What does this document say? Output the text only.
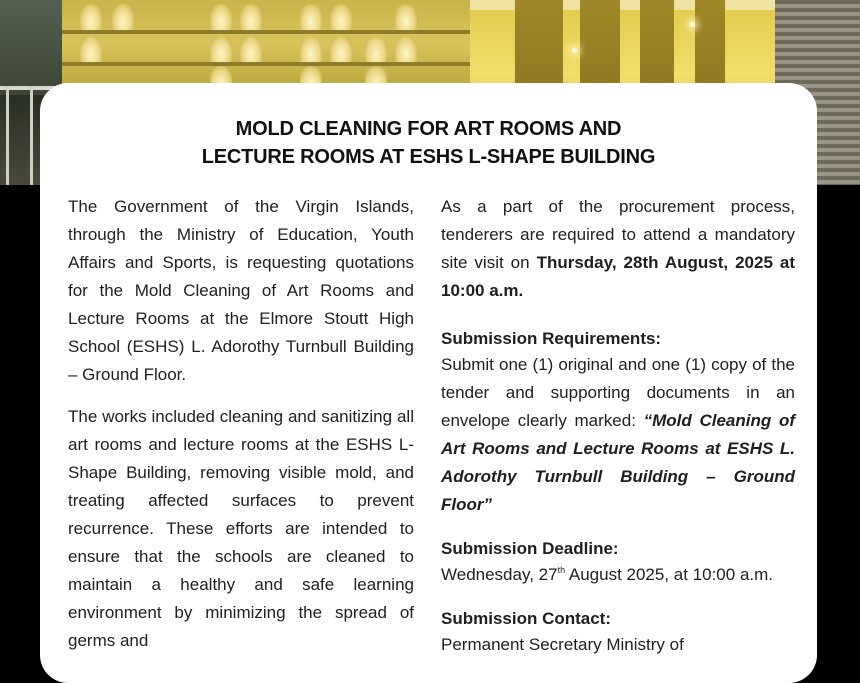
MOLD CLEANING FOR ART ROOMS AND
LECTURE ROOMS AT ESHS L-SHAPE BUILDING

The Government of the Virgin Islands, through the Ministry of Education, Youth Affairs and Sports, is requesting quotations for the Mold Cleaning of Art Rooms and Lecture Rooms at the Elmore Stoutt High School (ESHS) L. Adorothy Turnbull Building – Ground Floor.

The works included cleaning and sanitizing all art rooms and lecture rooms at the ESHS L-Shape Building, removing visible mold, and treating affected surfaces to prevent recurrence. These efforts are intended to ensure that the schools are cleaned to maintain a healthy and safe learning environment by minimizing the spread of germs and

As a part of the procurement process, tenderers are required to attend a mandatory site visit on Thursday, 28th August, 2025 at 10:00 a.m.

Submission Requirements:

Submit one (1) original and one (1) copy of the tender and supporting documents in an envelope clearly marked: “Mold Cleaning of Art Rooms and Lecture Rooms at ESHS L. Adorothy Turnbull Building – Ground Floor”

Submission Deadline:

Wednesday, 27th August 2025, at 10:00 a.m.

Submission Contact:

Permanent Secretary Ministry of
